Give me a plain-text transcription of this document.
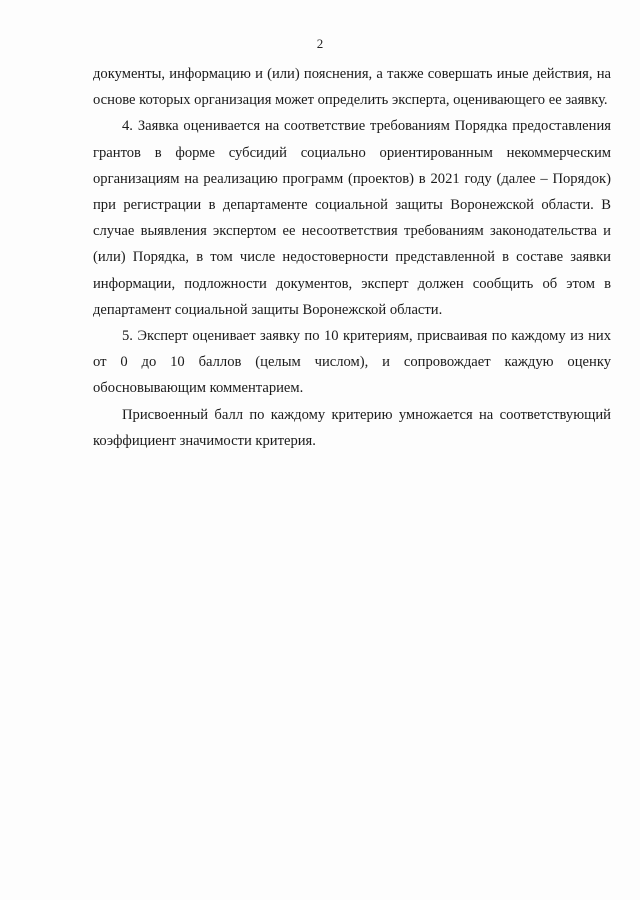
2

документы, информацию и (или) пояснения, а также совершать иные действия, на основе которых организация может определить эксперта, оценивающего ее заявку.

4. Заявка оценивается на соответствие требованиям Порядка предоставления грантов в форме субсидий социально ориентированным некоммерческим организациям на реализацию программ (проектов) в 2021 году (далее – Порядок) при регистрации в департаменте социальной защиты Воронежской области. В случае выявления экспертом ее несоответствия требованиям законодательства и (или) Порядка, в том числе недостоверности представленной в составе заявки информации, подложности документов, эксперт должен сообщить об этом в департамент социальной защиты Воронежской области.

5. Эксперт оценивает заявку по 10 критериям, присваивая по каждому из них от 0 до 10 баллов (целым числом), и сопровождает каждую оценку обосновывающим комментарием.

Присвоенный балл по каждому критерию умножается на соответствующий коэффициент значимости критерия.
